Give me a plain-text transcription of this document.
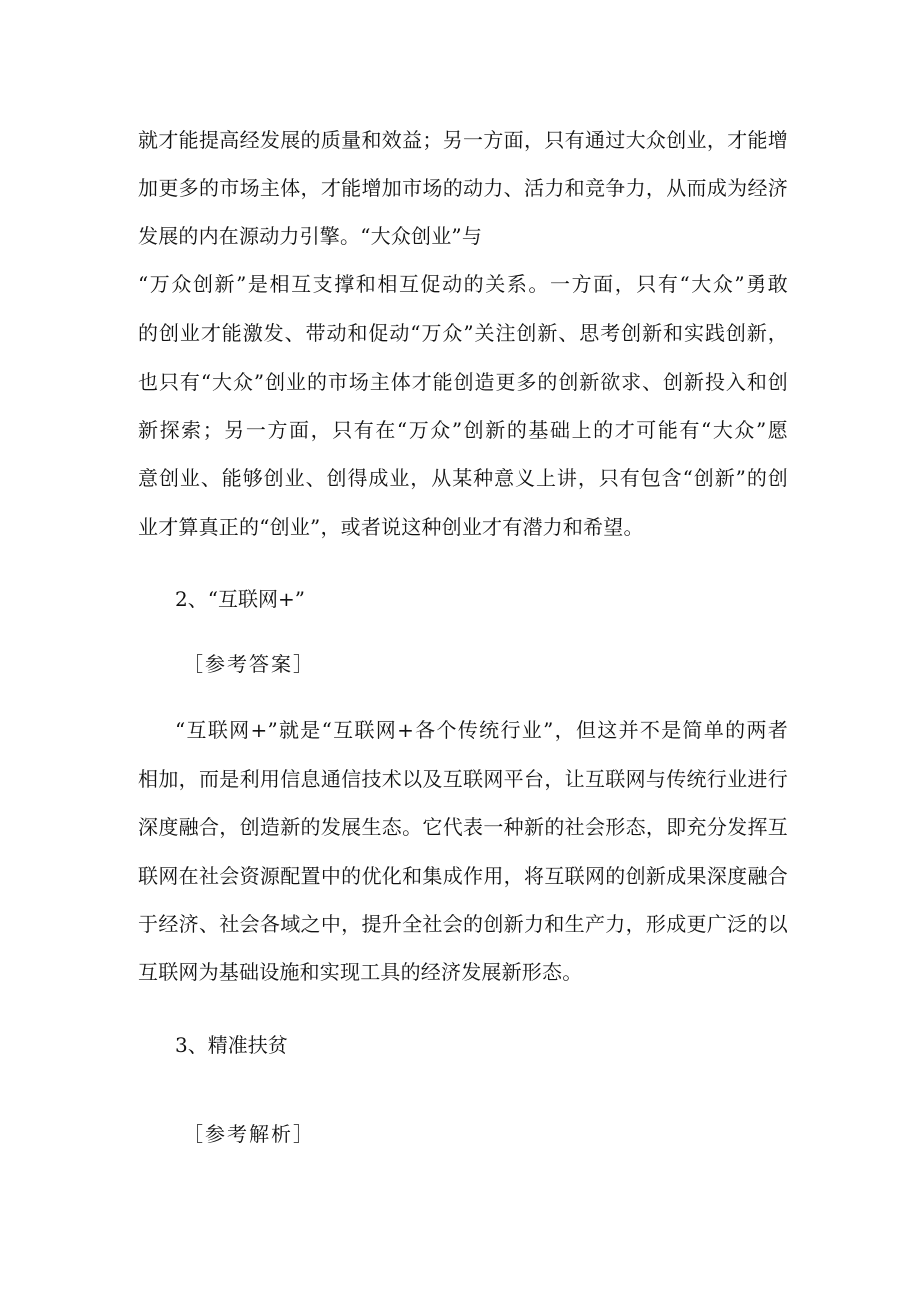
就才能提高经发展的质量和效益；另一方面，只有通过大众创业，才能增
加更多的市场主体，才能增加市场的动力、活力和竞争力，从而成为经济
发展的内在源动力引擎。“大众创业”与
“万众创新”是相互支撑和相互促动的关系。一方面，只有“大众”勇敢
的创业才能激发、带动和促动“万众”关注创新、思考创新和实践创新，
也只有“大众”创业的市场主体才能创造更多的创新欲求、创新投入和创
新探索；另一方面，只有在“万众”创新的基础上的才可能有“大众”愿
意创业、能够创业、创得成业，从某种意义上讲，只有包含“创新”的创
业才算真正的“创业”，或者说这种创业才有潜力和希望。
2、“互联网+”
［参考答案］
“互联网+”就是“互联网+各个传统行业”，但这并不是简单的两者
相加，而是利用信息通信技术以及互联网平台，让互联网与传统行业进行
深度融合，创造新的发展生态。它代表一种新的社会形态，即充分发挥互
联网在社会资源配置中的优化和集成作用，将互联网的创新成果深度融合
于经济、社会各域之中，提升全社会的创新力和生产力，形成更广泛的以
互联网为基础设施和实现工具的经济发展新形态。
3、精准扶贫
［参考解析］
